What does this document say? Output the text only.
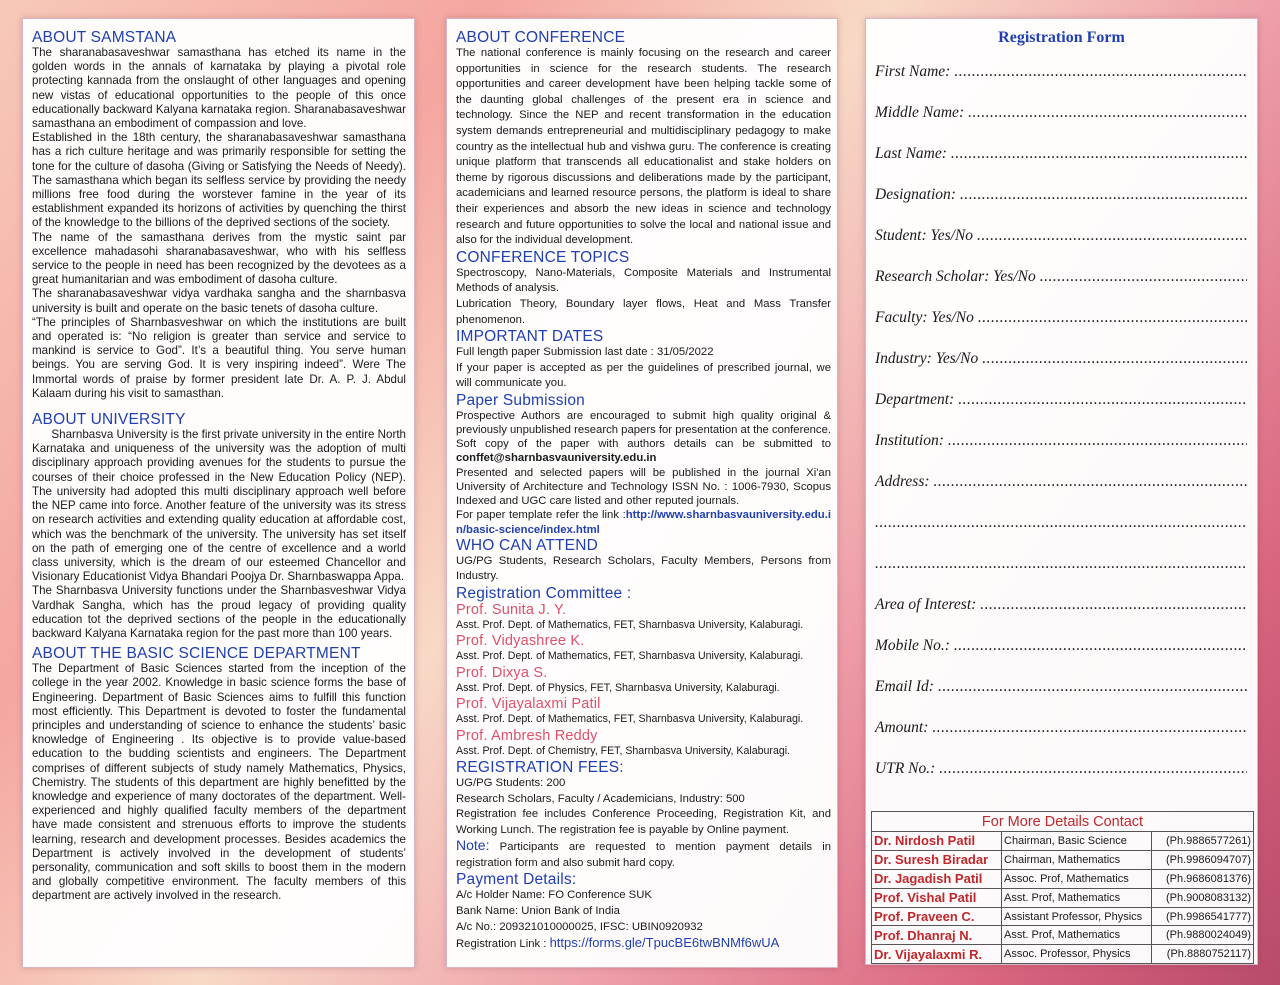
ABOUT SAMSTANA

The sharanabasaveshwar samasthana has etched its name in the golden words in the annals of karnataka by playing a pivotal role protecting kannada from the onslaught of other languages and opening new vistas of educational opportunities to the people of this once educationally backward Kalyana karnataka region. Sharanabasaveshwar samasthana an embodiment of compassion and love.

Established in the 18th century, the sharanabasaveshwar samasthana has a rich culture heritage and was primarily responsible for setting the tone for the culture of dasoha (Giving or Satisfying the Needs of Needy). The samasthana which began its selfless service by providing the needy millions free food during the worstever famine in the year of its establishment expanded its horizons of activities by quenching the thirst of the knowledge to the billions of the deprived sections of the society.

The name of the samasthana derives from the mystic saint par excellence mahadasohi sharanabasaveshwar, who with his selfless service to the people in need has been recognized by the devotees as a great humanitarian and was embodiment of dasoha culture.

The sharanabasaveshwar vidya vardhaka sangha and the sharnbasva university is built and operate on the basic tenets of dasoha culture.

“The principles of Sharnbasveshwar on which the institutions are built and operated is: “No religion is greater than service and service to mankind is service to God”. It’s a beautiful thing. You serve human beings. You are serving God. It is very inspiring indeed”. Were The Immortal words of praise by former president late Dr. A. P. J. Abdul Kalaam during his visit to samasthan.

ABOUT UNIVERSITY

Sharnbasva University is the first private university in the entire North Karnataka and uniqueness of the university was the adoption of multi disciplinary approach providing avenues for the students to pursue the courses of their choice professed in the New Education Policy (NEP). The university had adopted this multi disciplinary approach well before the NEP came into force. Another feature of the university was its stress on research activities and extending quality education at affordable cost, which was the benchmark of the university. The university has set itself on the path of emerging one of the centre of excellence and a world class university, which is the dream of our esteemed Chancellor and Visionary Educationist Vidya Bhandari Poojya Dr. Sharnbaswappa Appa.

The Sharnbasva University functions under the Sharnbasveshwar Vidya Vardhak Sangha, which has the proud legacy of providing quality education tot the deprived sections of the people in the educationally backward Kalyana Karnataka region for the past more than 100 years.

ABOUT THE BASIC SCIENCE DEPARTMENT

The Department of Basic Sciences started from the inception of the college in the year 2002. Knowledge in basic science forms the base of Engineering. Department of Basic Sciences aims to fulfill this function most efficiently. This Department is devoted to foster the fundamental principles and understanding of science to enhance the students’ basic knowledge of Engineering . Its objective is to provide value-based education to the budding scientists and engineers. The Department comprises of different subjects of study namely Mathematics, Physics, Chemistry. The students of this department are highly benefitted by the knowledge and experience of many doctorates of the department. Well-experienced and highly qualified faculty members of the department have made consistent and strenuous efforts to improve the students learning, research and development processes. Besides academics the Department is actively involved in the development of students’ personality, communication and soft skills to boost them in the modern and globally competitive environment. The faculty members of this department are actively involved in the research.

ABOUT CONFERENCE

The national conference is mainly focusing on the research and career opportunities in science for the research students. The research opportunities and career development have been helping tackle some of the daunting global challenges of the present era in science and technology. Since the NEP and recent transformation in the education system demands entrepreneurial and multidisciplinary pedagogy to make country as the intellectual hub and vishwa guru. The conference is creating unique platform that transcends all educationalist and stake holders on theme by rigorous discussions and deliberations made by the participant, academicians and learned resource persons, the platform is ideal to share their experiences and absorb the new ideas in science and technology research and future opportunities to solve the local and national issue and also for the individual development.

CONFERENCE TOPICS

Spectroscopy, Nano-Materials, Composite Materials and Instrumental Methods of analysis.

Lubrication Theory, Boundary layer flows, Heat and Mass Transfer phenomenon.

IMPORTANT DATES

Full length paper Submission last date : 31/05/2022

If your paper is accepted as per the guidelines of prescribed journal, we will communicate you.

Paper Submission

Prospective Authors are encouraged to submit high quality original & previously unpublished research papers for presentation at the conference. Soft copy of the paper with authors details can be submitted to conffet@sharnbasvauniversity.edu.in

Presented and selected papers will be published in the journal Xi'an University of Architecture and Technology ISSN No. : 1006-7930, Scopus Indexed and UGC care listed and other reputed journals.

For paper template refer the link :http://www.sharnbasvauniversity.edu.in/basic-science/index.html

WHO CAN ATTEND

UG/PG Students, Research Scholars, Faculty Members, Persons from Industry.

Registration Committee :
Prof. Sunita J. Y.
Asst. Prof. Dept. of Mathematics, FET, Sharnbasva University, Kalaburagi.
Prof. Vidyashree K.
Asst. Prof. Dept. of Mathematics, FET, Sharnbasva University, Kalaburagi.
Prof. Dixya S.
Asst. Prof. Dept. of Physics, FET, Sharnbasva University, Kalaburagi.
Prof. Vijayalaxmi Patil
Asst. Prof. Dept. of Mathematics, FET, Sharnbasva University, Kalaburagi.
Prof. Ambresh Reddy
Asst. Prof. Dept. of Chemistry, FET, Sharnbasva University, Kalaburagi.
REGISTRATION FEES:

UG/PG Students: 200

Research Scholars, Faculty / Academicians, Industry: 500

Registration fee includes Conference Proceeding, Registration Kit, and Working Lunch. The registration fee is payable by Online payment.

Note: Participants are requested to mention payment details in registration form and also submit hard copy.

Payment Details:

A/c Holder Name: FO Conference SUK

Bank Name: Union Bank of India

A/c No.: 209321010000025, IFSC: UBIN0920932

Registration Link : https://forms.gle/TpucBE6twBNMf6wUA

Registration Form
First Name:
.....
Middle Name:
.....
Last Name:
.....
Designation:
.....
Student: Yes/No
.....
Research Scholar: Yes/No
.....
Faculty: Yes/No
.....
Industry: Yes/No
.....
Department:
.....
Institution:
.....
Address:
.....
.....
.....
Area of Interest:
.....
Mobile No.:
.....
Email Id:
.....
Amount:
.....
UTR No.:
.....
For More Details Contact		
Dr. Nirdosh Patil	Chairman, Basic Science	(Ph.9886577261)
Dr. Suresh Biradar	Chairman, Mathematics	(Ph.9986094707)
Dr. Jagadish Patil	Assoc. Prof, Mathematics	(Ph.9686081376)
Prof. Vishal Patil	Asst. Prof, Mathematics	(Ph.9008083132)
Prof. Praveen C.	Assistant Professor, Physics	(Ph.9986541777)
Prof. Dhanraj N.	Asst. Prof, Mathematics	(Ph.9880024049)
Dr. Vijayalaxmi R.	Assoc. Professor, Physics	(Ph.8880752117)
